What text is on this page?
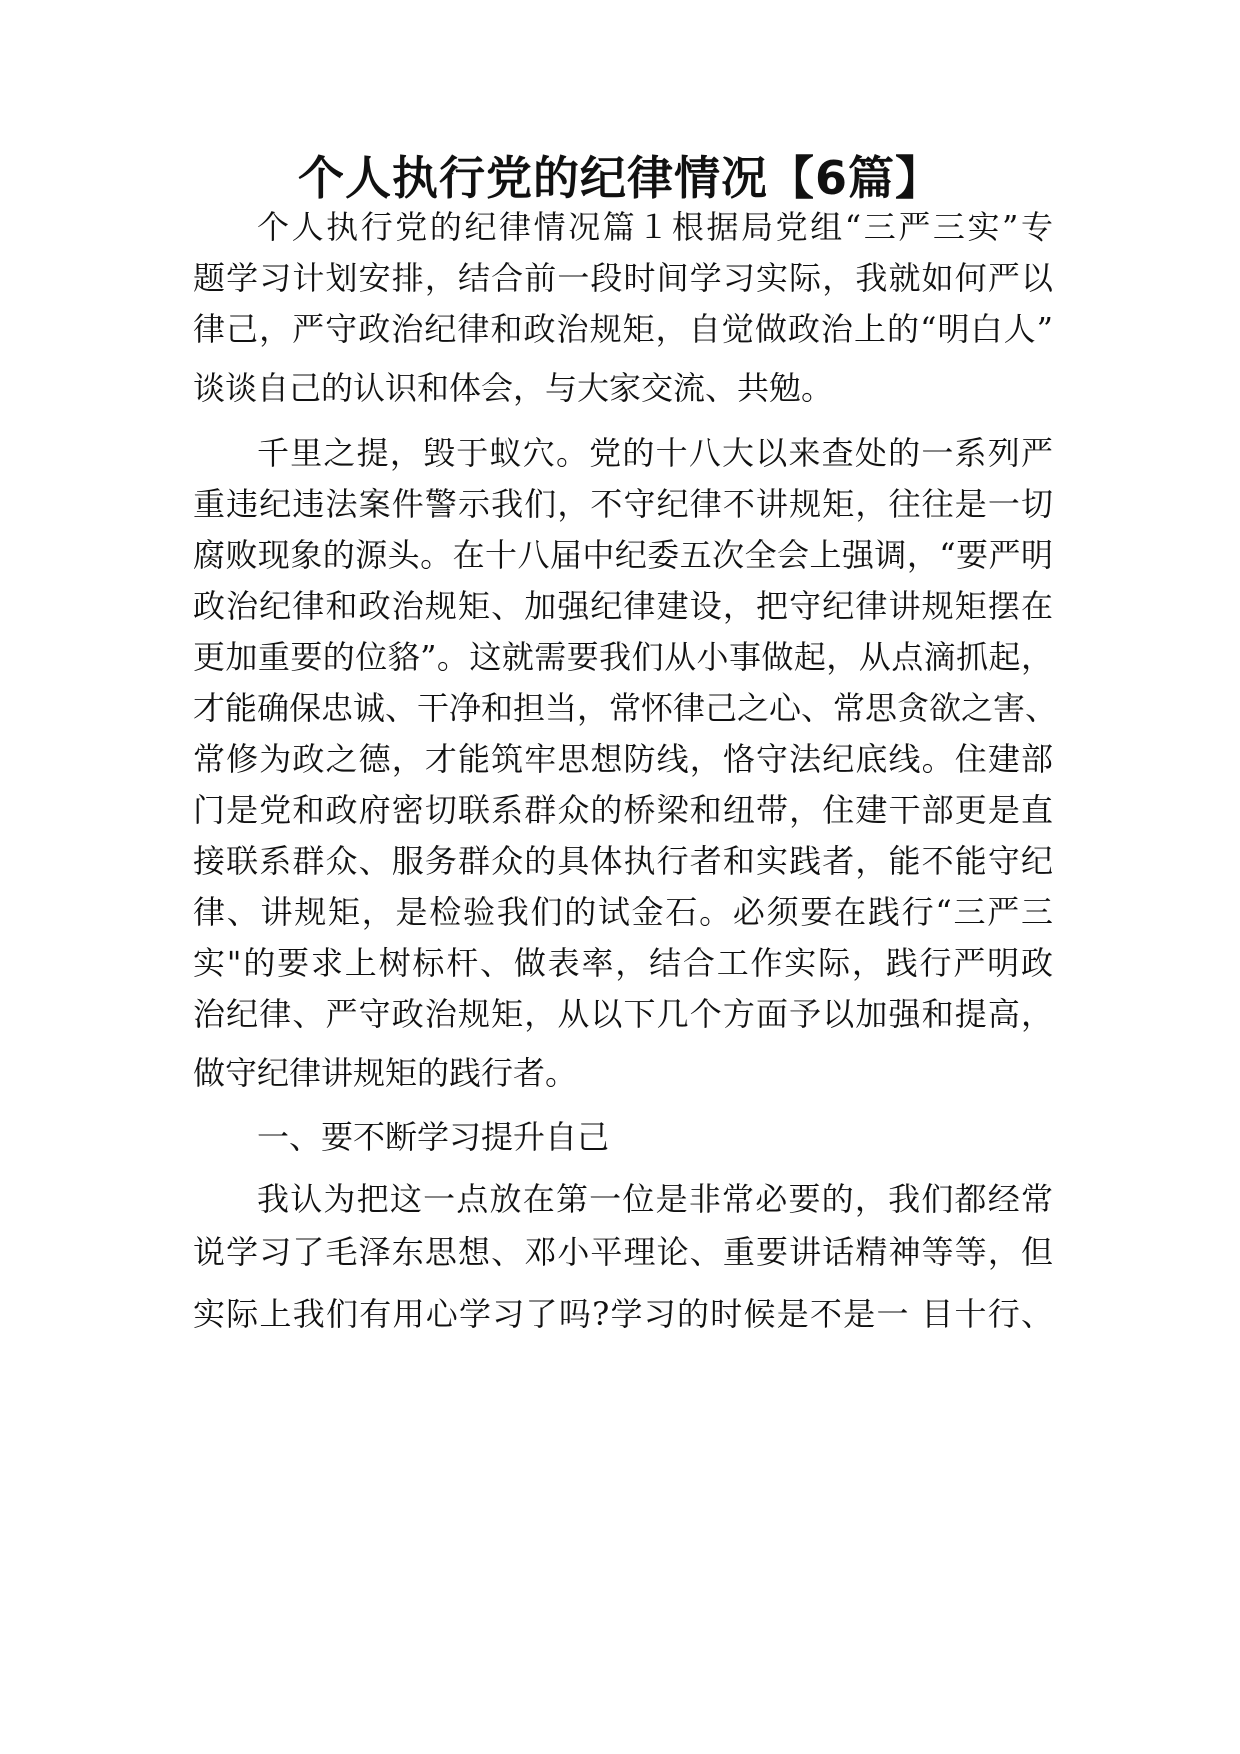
个人执行党的纪律情况【6篇】
个人执行党的纪律情况篇１根据局党组“三严三实”专
题学习计划安排，结合前一段时间学习实际，我就如何严以
律己，严守政治纪律和政治规矩，自觉做政治上的“明白人”
谈谈自己的认识和体会，与大家交流、共勉。
千里之提，毁于蚁穴。党的十八大以来查处的一系列严
重违纪违法案件警示我们，不守纪律不讲规矩，往往是一切
腐败现象的源头。在十八届中纪委五次全会上强调，“要严明
政治纪律和政治规矩、加强纪律建设，把守纪律讲规矩摆在
更加重要的位貉”。这就需要我们从小事做起，从点滴抓起，
才能确保忠诚、干净和担当，常怀律己之心、常思贪欲之害、
常修为政之德，才能筑牢思想防线，恪守法纪底线。住建部
门是党和政府密切联系群众的桥梁和纽带，住建干部更是直
接联系群众、服务群众的具体执行者和实践者，能不能守纪
律、讲规矩，是检验我们的试金石。必须要在践行“三严三
实"的要求上树标杆、做表率，结合工作实际，践行严明政
治纪律、严守政治规矩，从以下几个方面予以加强和提高，
做守纪律讲规矩的践行者。
一、要不断学习提升自己
我认为把这一点放在第一位是非常必要的，我们都经常
说学习了毛泽东思想、邓小平理论、重要讲话精神等等，但
实际上我们有用心学习了吗?学习的时候是不是一 目十行、
